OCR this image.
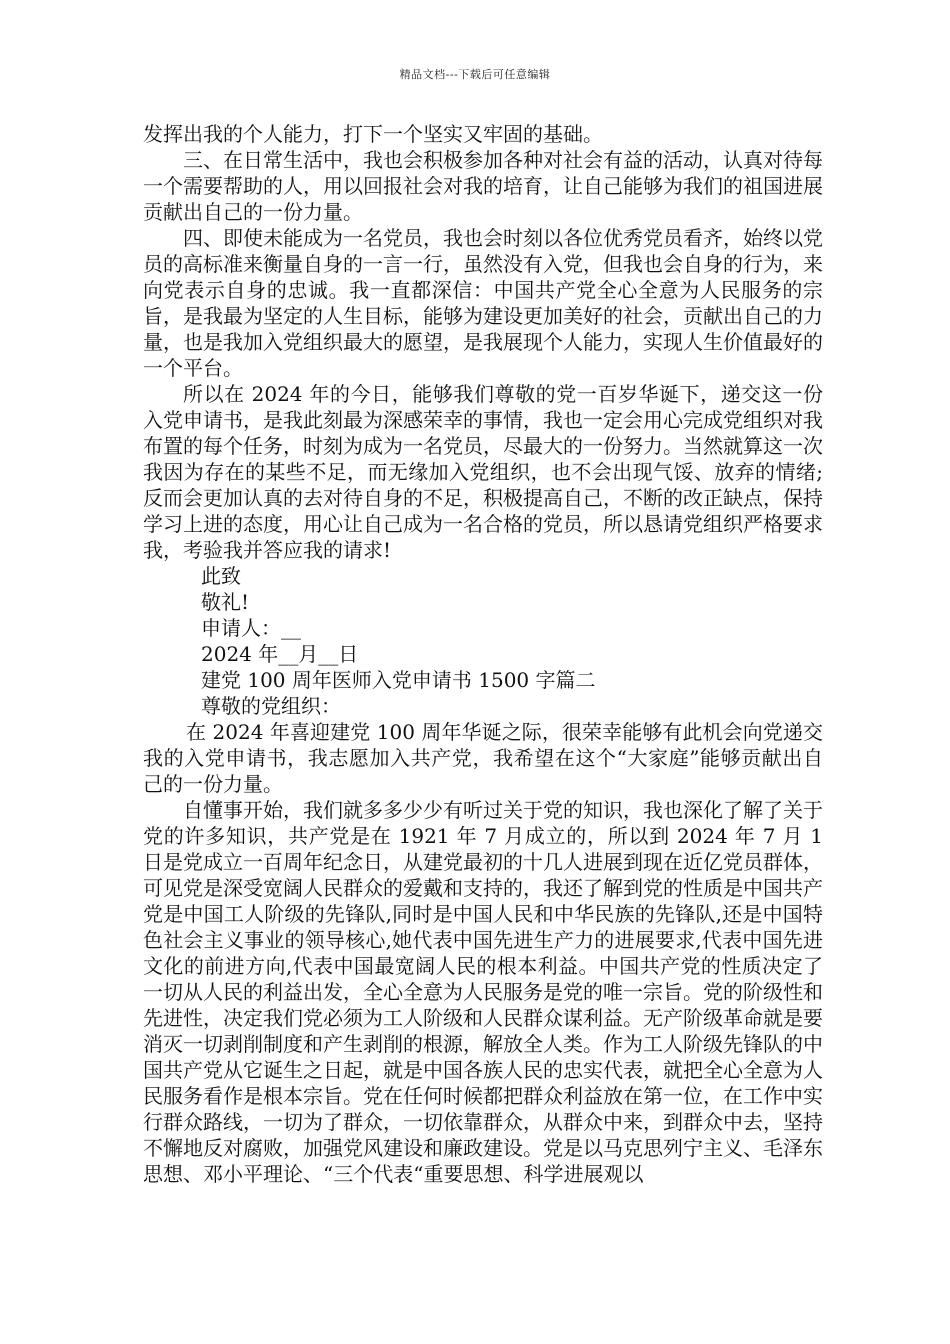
精品文档---下载后可任意编辑

发挥出我的个人能力，打下一个坚实又牢固的基础。

三、在日常生活中，我也会积极参加各种对社会有益的活动，认真对待每一个需要帮助的人，用以回报社会对我的培育，让自己能够为我们的祖国进展贡献出自己的一份力量。

四、即使未能成为一名党员，我也会时刻以各位优秀党员看齐，始终以党员的高标准来衡量自身的一言一行，虽然没有入党，但我也会自身的行为，来向党表示自身的忠诚。我一直都深信：中国共产党全心全意为人民服务的宗旨，是我最为坚定的人生目标，能够为建设更加美好的社会，贡献出自己的力量，也是我加入党组织最大的愿望，是我展现个人能力，实现人生价值最好的一个平台。

所以在 2024 年的今日，能够我们尊敬的党一百岁华诞下，递交这一份入党申请书，是我此刻最为深感荣幸的事情，我也一定会用心完成党组织对我布置的每个任务，时刻为成为一名党员，尽最大的一份努力。当然就算这一次我因为存在的某些不足，而无缘加入党组织，也不会出现气馁、放弃的情绪;反而会更加认真的去对待自身的不足，积极提高自己，不断的改正缺点，保持学习上进的态度，用心让自己成为一名合格的党员，所以恳请党组织严格要求我，考验我并答应我的请求!

此致

敬礼!

申请人：__

2024 年__月__日

建党 100 周年医师入党申请书 1500 字篇二

尊敬的党组织：

在 2024 年喜迎建党 100 周年华诞之际，很荣幸能够有此机会向党递交我的入党申请书，我志愿加入共产党，我希望在这个“大家庭”能够贡献出自己的一份力量。

自懂事开始，我们就多多少少有听过关于党的知识，我也深化了解了关于党的许多知识，共产党是在 1921 年 7 月成立的，所以到 2024 年 7 月 1 日是党成立一百周年纪念日，从建党最初的十几人进展到现在近亿党员群体，可见党是深受宽阔人民群众的爱戴和支持的，我还了解到党的性质是中国共产党是中国工人阶级的先锋队,同时是中国人民和中华民族的先锋队,还是中国特色社会主义事业的领导核心,她代表中国先进生产力的进展要求,代表中国先进文化的前进方向,代表中国最宽阔人民的根本利益。中国共产党的性质决定了一切从人民的利益出发，全心全意为人民服务是党的唯一宗旨。党的阶级性和先进性，决定我们党必须为工人阶级和人民群众谋利益。无产阶级革命就是要消灭一切剥削制度和产生剥削的根源，解放全人类。作为工人阶级先锋队的中国共产党从它诞生之日起，就是中国各族人民的忠实代表，就把全心全意为人民服务看作是根本宗旨。党在任何时候都把群众利益放在第一位，在工作中实行群众路线，一切为了群众，一切依靠群众，从群众中来，到群众中去，坚持不懈地反对腐败，加强党风建设和廉政建设。党是以马克思列宁主义、毛泽东思想、邓小平理论、“三个代表“重要思想、科学进展观以
